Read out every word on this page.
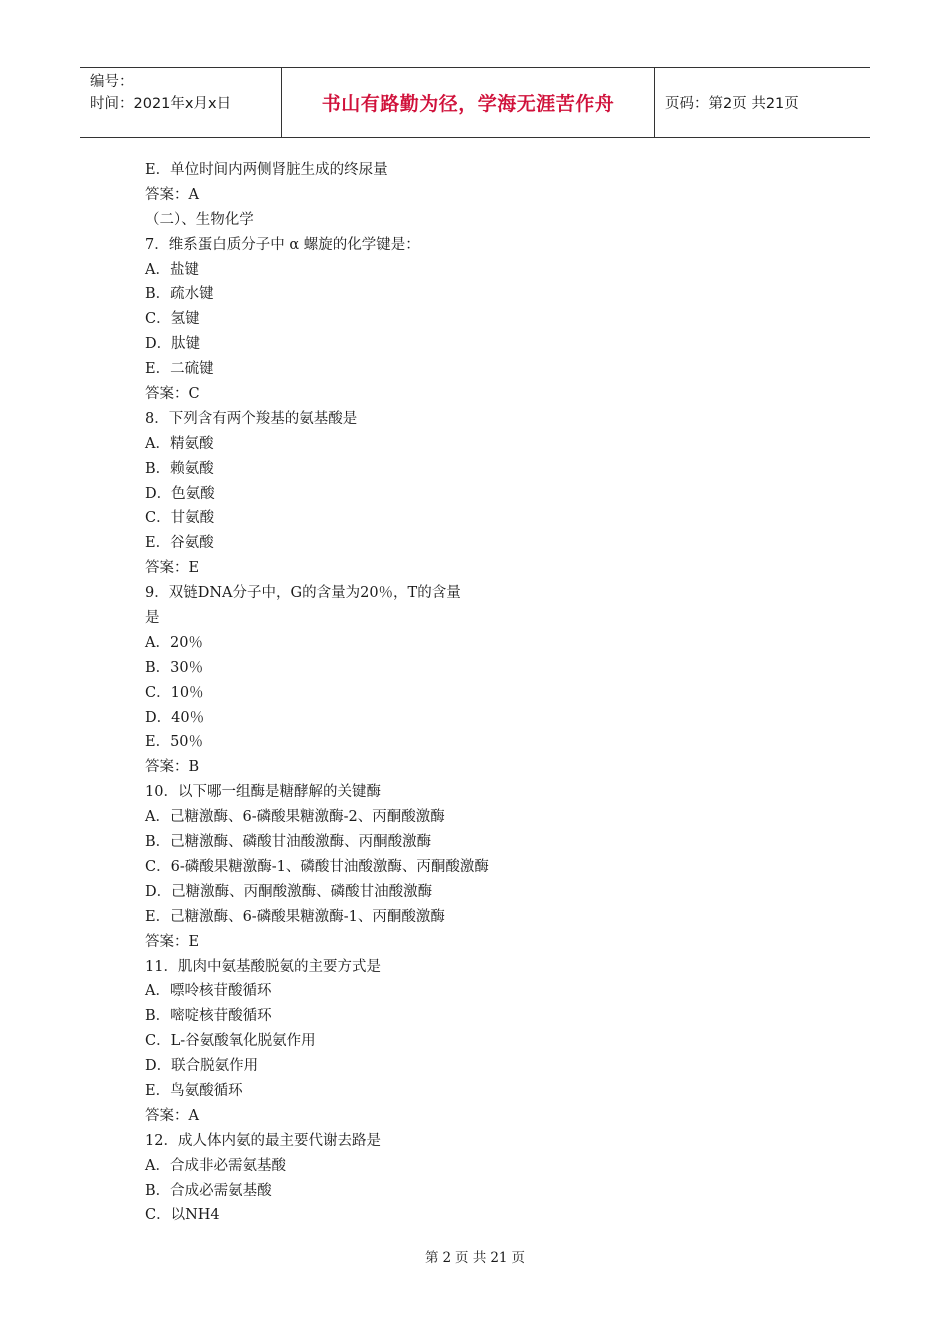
编号：
时间：2021年x月x日	书山有路勤为径，学海无涯苦作舟	页码：第2页 共21页
E．单位时间内两侧肾脏生成的终尿量
答案：A
（二）、生物化学
7．维系蛋白质分子中 α 螺旋的化学键是：
A．盐键
B．疏水键
C．氢键
D．肽键
E．二硫键
答案：C
8．下列含有两个羧基的氨基酸是
A．精氨酸
B．赖氨酸
D．色氨酸
C．甘氨酸
E．谷氨酸
答案：E
9．双链DNA分子中，G的含量为20％，T的含量
是
A．20％
B．30％
C．10％
D．40％
E．50％
答案：B
10．以下哪一组酶是糖酵解的关键酶
A．己糖激酶、6-磷酸果糖激酶-2、丙酮酸激酶
B．己糖激酶、磷酸甘油酸激酶、丙酮酸激酶
C．6-磷酸果糖激酶-1、磷酸甘油酸激酶、丙酮酸激酶
D．己糖激酶、丙酮酸激酶、磷酸甘油酸激酶
E．己糖激酶、6-磷酸果糖激酶-1、丙酮酸激酶
答案：E
11．肌肉中氨基酸脱氨的主要方式是
A．嘌呤核苷酸循环
B．嘧啶核苷酸循环
C．L-谷氨酸氧化脱氨作用
D．联合脱氨作用
E．鸟氨酸循环
答案：A
12．成人体内氨的最主要代谢去路是
A．合成非必需氨基酸
B．合成必需氨基酸
C．以NH4
第 2 页 共 21 页
